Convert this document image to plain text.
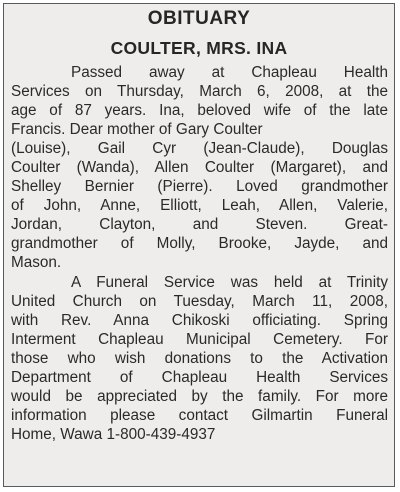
OBITUARY
COULTER, MRS. INA
Passed away at Chapleau Health
Services on Thursday, March 6, 2008, at the
age of 87 years. Ina, beloved wife of the late
Francis. Dear mother of Gary Coulter
(Louise), Gail Cyr (Jean-Claude), Douglas
Coulter (Wanda), Allen Coulter (Margaret), and
Shelley Bernier (Pierre). Loved grandmother
of John, Anne, Elliott, Leah, Allen, Valerie,
Jordan, Clayton, and Steven. Great-
grandmother of Molly, Brooke, Jayde, and
Mason.
A Funeral Service was held at Trinity
United Church on Tuesday, March 11, 2008,
with Rev. Anna Chikoski officiating. Spring
Interment Chapleau Municipal Cemetery. For
those who wish donations to the Activation
Department of Chapleau Health Services
would be appreciated by the family. For more
information please contact Gilmartin Funeral
Home, Wawa 1-800-439-4937
